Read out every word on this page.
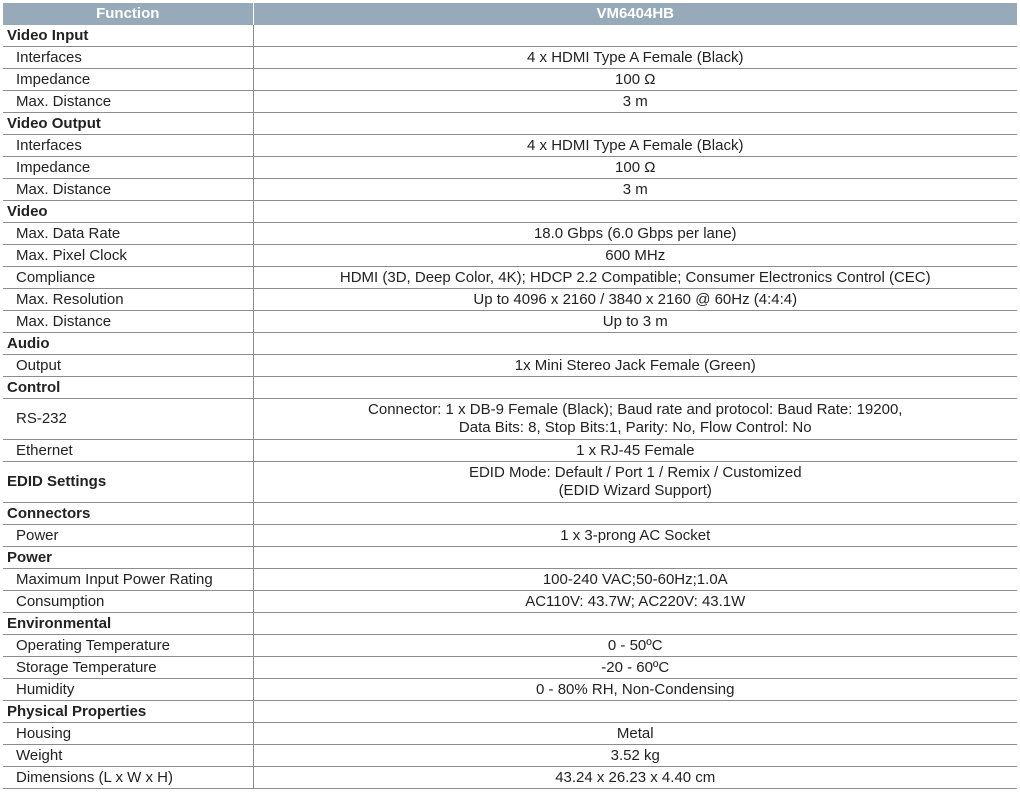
Function	VM6404HB
Video Input	
Interfaces	4 x HDMI Type A Female (Black)
Impedance	100 Ω
Max. Distance	3 m
Video Output	
Interfaces	4 x HDMI Type A Female (Black)
Impedance	100 Ω
Max. Distance	3 m
Video	
Max. Data Rate	18.0 Gbps (6.0 Gbps per lane)
Max. Pixel Clock	600 MHz
Compliance	HDMI (3D, Deep Color, 4K); HDCP 2.2 Compatible; Consumer Electronics Control (CEC)
Max. Resolution	Up to 4096 x 2160 / 3840 x 2160 @ 60Hz (4:4:4)
Max. Distance	Up to 3 m
Audio	
Output	1x Mini Stereo Jack Female (Green)
Control	
RS-232	Connector: 1 x DB-9 Female (Black); Baud rate and protocol: Baud Rate: 19200,
Data Bits: 8, Stop Bits:1, Parity: No, Flow Control: No

Ethernet	1 x RJ-45 Female
EDID Settings	EDID Mode: Default / Port 1 / Remix / Customized
(EDID Wizard Support)

Connectors	
Power	1 x 3-prong AC Socket
Power	
Maximum Input Power Rating	100-240 VAC;50-60Hz;1.0A
Consumption	AC110V: 43.7W; AC220V: 43.1W
Environmental	
Operating Temperature	0 - 50ºC
Storage Temperature	-20 - 60ºC
Humidity	0 - 80% RH, Non-Condensing
Physical Properties	
Housing	Metal
Weight	3.52 kg
Dimensions (L x W x H)	43.24 x 26.23 x 4.40 cm
